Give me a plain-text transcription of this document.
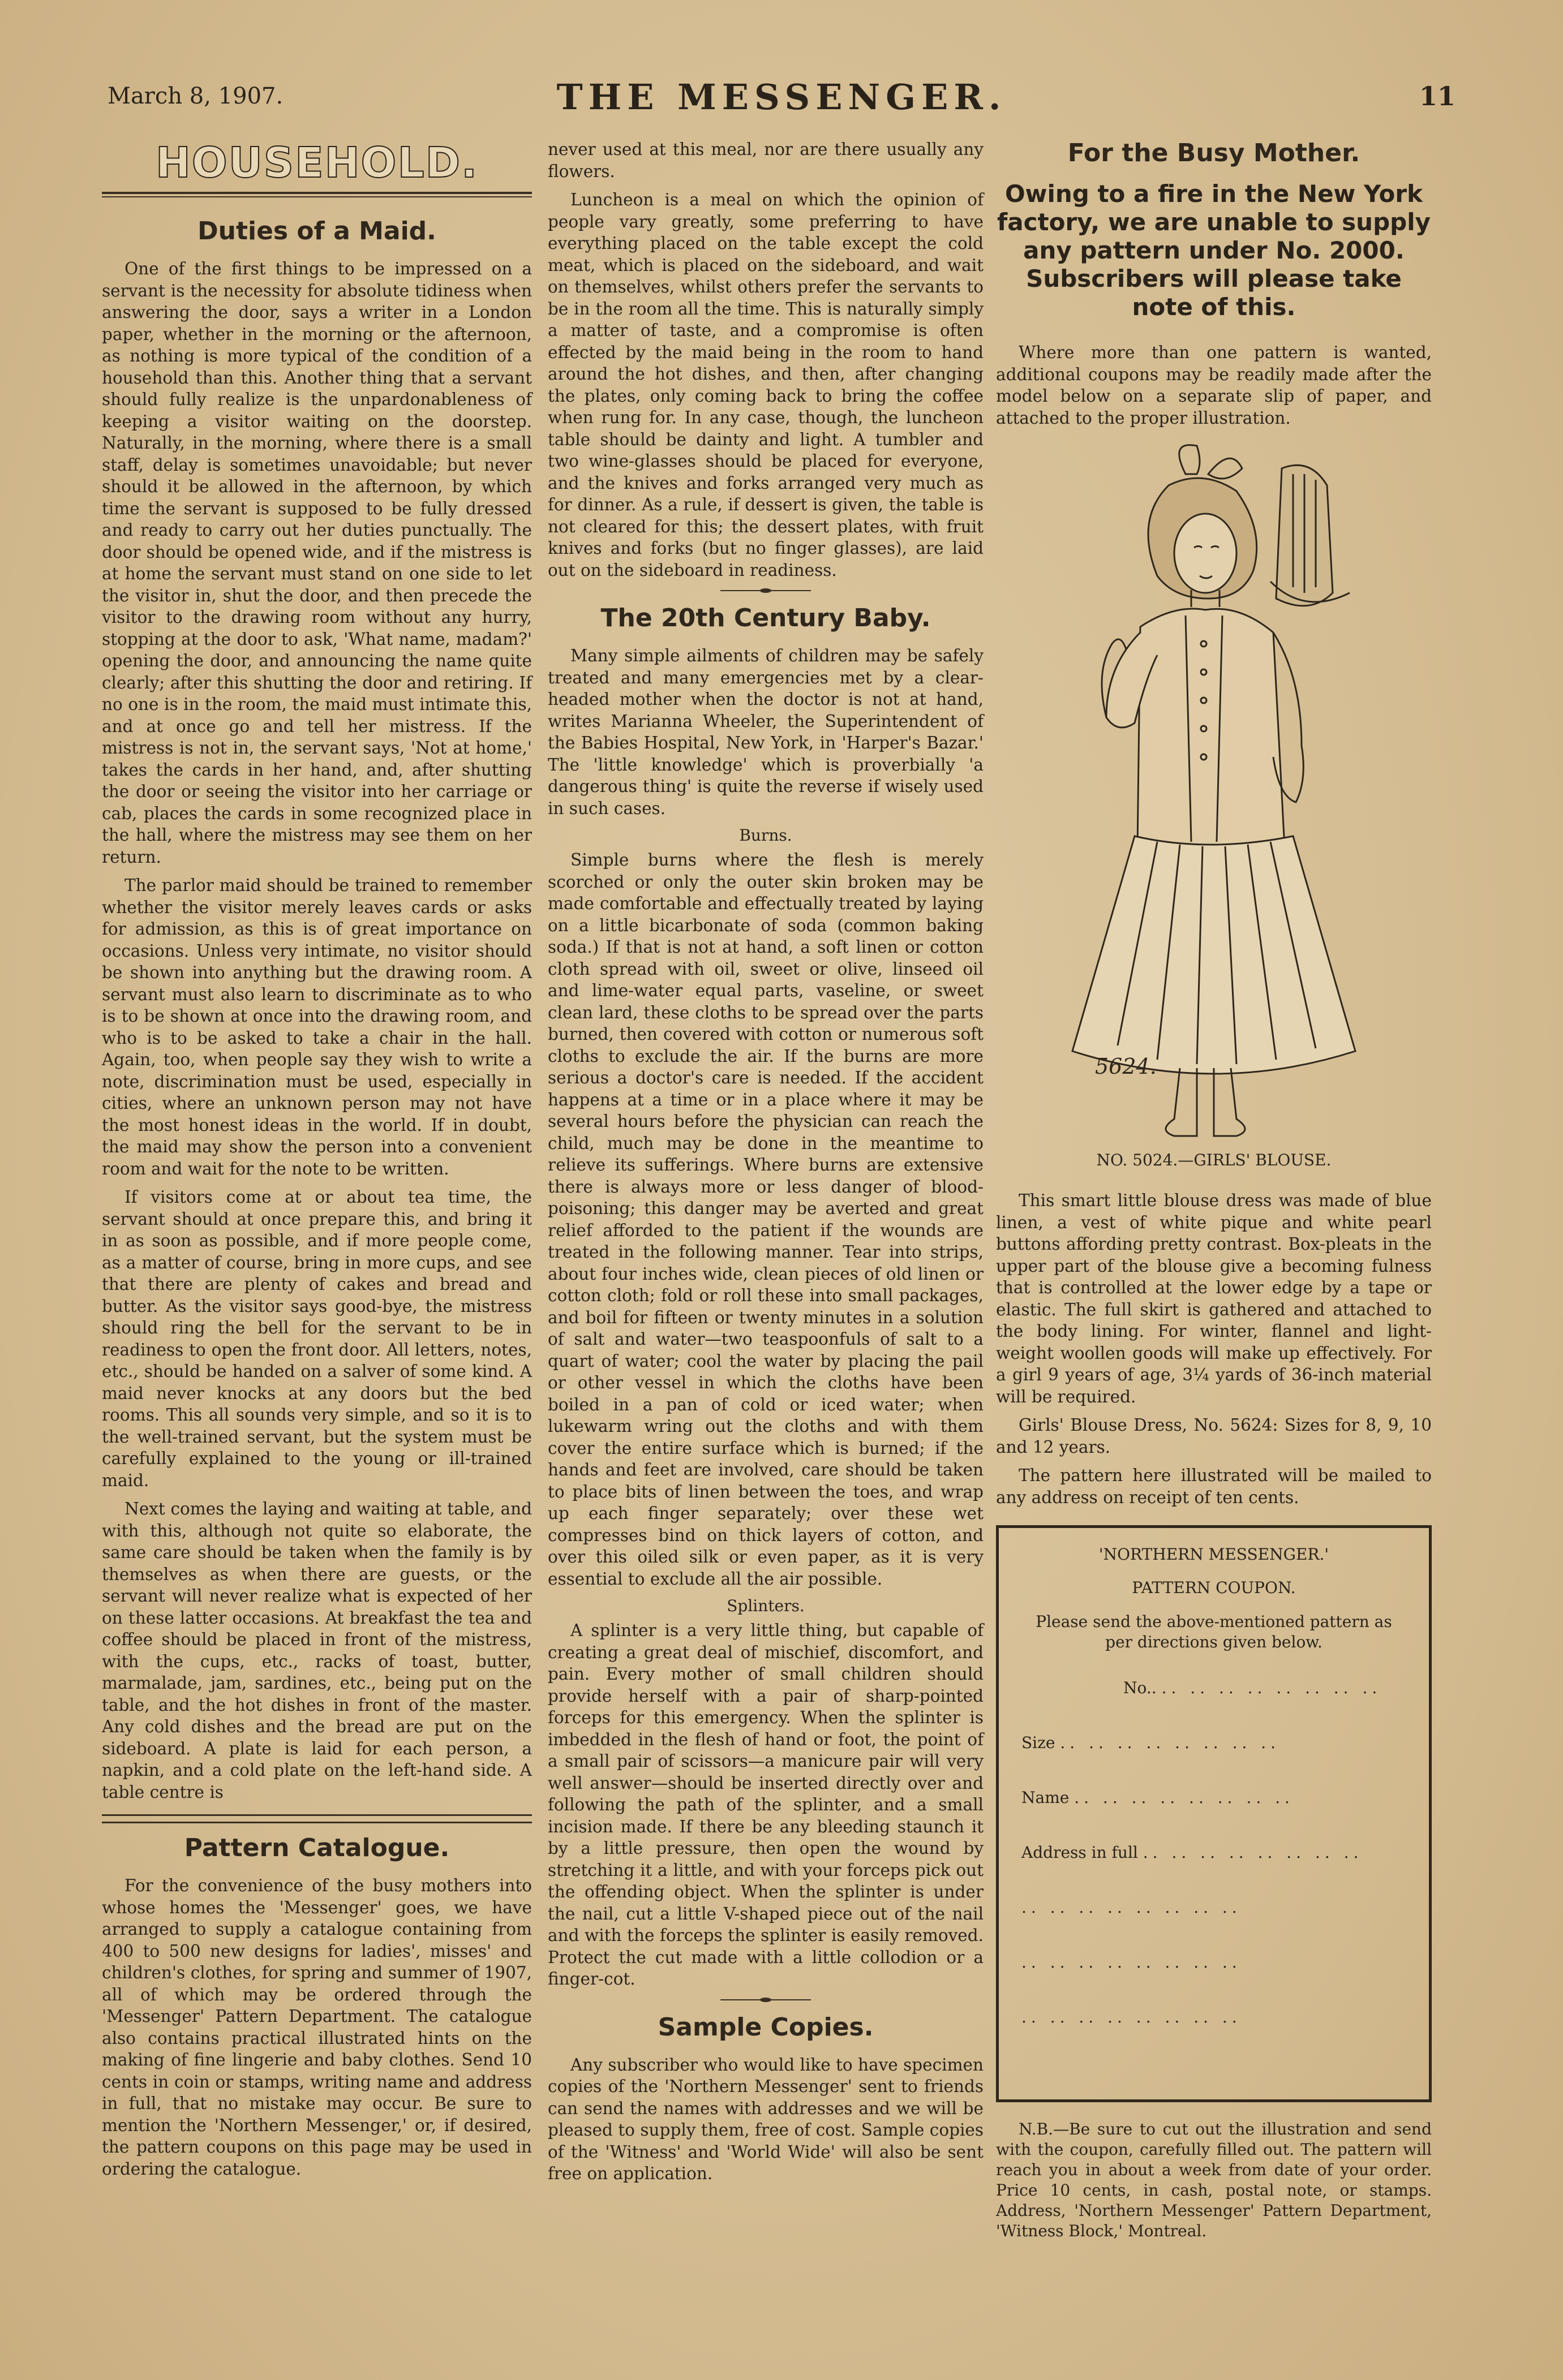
March 8, 1907.	THE MESSENGER.	11
HOUSEHOLD.
Duties of a Maid.

One of the first things to be impressed on a servant is the necessity for absolute tidiness when answering the door, says a writer in a London paper, whether in the morning or the afternoon, as nothing is more typical of the condition of a household than this. Another thing that a servant should fully realize is the unpardonableness of keeping a visitor waiting on the doorstep. Naturally, in the morning, where there is a small staff, delay is sometimes unavoidable; but never should it be allowed in the afternoon, by which time the servant is supposed to be fully dressed and ready to carry out her duties punctually. The door should be opened wide, and if the mistress is at home the servant must stand on one side to let the visitor in, shut the door, and then precede the visitor to the drawing room without any hurry, stopping at the door to ask, 'What name, madam?' opening the door, and announcing the name quite clearly; after this shutting the door and retiring. If no one is in the room, the maid must intimate this, and at once go and tell her mistress. If the mistress is not in, the servant says, 'Not at home,' takes the cards in her hand, and, after shutting the door or seeing the visitor into her carriage or cab, places the cards in some recognized place in the hall, where the mistress may see them on her return.

The parlor maid should be trained to remember whether the visitor merely leaves cards or asks for admission, as this is of great importance on occasions. Unless very intimate, no visitor should be shown into anything but the drawing room. A servant must also learn to discriminate as to who is to be shown at once into the drawing room, and who is to be asked to take a chair in the hall. Again, too, when people say they wish to write a note, discrimination must be used, especially in cities, where an unknown person may not have the most honest ideas in the world. If in doubt, the maid may show the person into a convenient room and wait for the note to be written.

If visitors come at or about tea time, the servant should at once prepare this, and bring it in as soon as possible, and if more people come, as a matter of course, bring in more cups, and see that there are plenty of cakes and bread and butter. As the visitor says good-bye, the mistress should ring the bell for the servant to be in readiness to open the front door. All letters, notes, etc., should be handed on a salver of some kind. A maid never knocks at any doors but the bed rooms. This all sounds very simple, and so it is to the well-trained servant, but the system must be carefully explained to the young or ill-trained maid.

Next comes the laying and waiting at table, and with this, although not quite so elaborate, the same care should be taken when the family is by themselves as when there are guests, or the servant will never realize what is expected of her on these latter occasions. At breakfast the tea and coffee should be placed in front of the mistress, with the cups, etc., racks of toast, butter, marmalade, jam, sardines, etc., being put on the table, and the hot dishes in front of the master. Any cold dishes and the bread are put on the sideboard. A plate is laid for each person, a napkin, and a cold plate on the left-hand side. A table centre is

Pattern Catalogue.

For the convenience of the busy mothers into whose homes the 'Messenger' goes, we have arranged to supply a catalogue containing from 400 to 500 new designs for ladies', misses' and children's clothes, for spring and summer of 1907, all of which may be ordered through the 'Messenger' Pattern Department. The catalogue also contains practical illustrated hints on the making of fine lingerie and baby clothes. Send 10 cents in coin or stamps, writing name and address in full, that no mistake may occur. Be sure to mention the 'Northern Messenger,' or, if desired, the pattern coupons on this page may be used in ordering the catalogue.

never used at this meal, nor are there usually any flowers.

Luncheon is a meal on which the opinion of people vary greatly, some preferring to have everything placed on the table except the cold meat, which is placed on the sideboard, and wait on themselves, whilst others prefer the servants to be in the room all the time. This is naturally simply a matter of taste, and a compromise is often effected by the maid being in the room to hand around the hot dishes, and then, after changing the plates, only coming back to bring the coffee when rung for. In any case, though, the luncheon table should be dainty and light. A tumbler and two wine-glasses should be placed for everyone, and the knives and forks arranged very much as for dinner. As a rule, if dessert is given, the table is not cleared for this; the dessert plates, with fruit knives and forks (but no finger glasses), are laid out on the sideboard in readiness.

The 20th Century Baby.

Many simple ailments of children may be safely treated and many emergencies met by a clear-headed mother when the doctor is not at hand, writes Marianna Wheeler, the Superintendent of the Babies Hospital, New York, in 'Harper's Bazar.' The 'little knowledge' which is proverbially 'a dangerous thing' is quite the reverse if wisely used in such cases.

Burns.

Simple burns where the flesh is merely scorched or only the outer skin broken may be made comfortable and effectually treated by laying on a little bicarbonate of soda (common baking soda.) If that is not at hand, a soft linen or cotton cloth spread with oil, sweet or olive, linseed oil and lime-water equal parts, vaseline, or sweet clean lard, these cloths to be spread over the parts burned, then covered with cotton or numerous soft cloths to exclude the air. If the burns are more serious a doctor's care is needed. If the accident happens at a time or in a place where it may be several hours before the physician can reach the child, much may be done in the meantime to relieve its sufferings. Where burns are extensive there is always more or less danger of blood-poisoning; this danger may be averted and great relief afforded to the patient if the wounds are treated in the following manner. Tear into strips, about four inches wide, clean pieces of old linen or cotton cloth; fold or roll these into small packages, and boil for fifteen or twenty minutes in a solution of salt and water—two teaspoonfuls of salt to a quart of water; cool the water by placing the pail or other vessel in which the cloths have been boiled in a pan of cold or iced water; when lukewarm wring out the cloths and with them cover the entire surface which is burned; if the hands and feet are involved, care should be taken to place bits of linen between the toes, and wrap up each finger separately; over these wet compresses bind on thick layers of cotton, and over this oiled silk or even paper, as it is very essential to exclude all the air possible.

Splinters.

A splinter is a very little thing, but capable of creating a great deal of mischief, discomfort, and pain. Every mother of small children should provide herself with a pair of sharp-pointed forceps for this emergency. When the splinter is imbedded in the flesh of hand or foot, the point of a small pair of scissors—a manicure pair will very well answer—should be inserted directly over and following the path of the splinter, and a small incision made. If there be any bleeding staunch it by a little pressure, then open the wound by stretching it a little, and with your forceps pick out the offending object. When the splinter is under the nail, cut a little V-shaped piece out of the nail and with the forceps the splinter is easily removed. Protect the cut made with a little collodion or a finger-cot.

Sample Copies.

Any subscriber who would like to have specimen copies of the 'Northern Messenger' sent to friends can send the names with addresses and we will be pleased to supply them, free of cost. Sample copies of the 'Witness' and 'World Wide' will also be sent free on application.

For the Busy Mother.
Owing to a fire in the New York factory, we are unable to supply any pattern under No. 2000. Subscribers will please take note of this.

Where more than one pattern is wanted, additional coupons may be readily made after the model below on a separate slip of paper, and attached to the proper illustration.

5624.
NO. 5024.—GIRLS' BLOUSE.

This smart little blouse dress was made of blue linen, a vest of white pique and white pearl buttons affording pretty contrast. Box-pleats in the upper part of the blouse give a becoming fulness that is controlled at the lower edge by a tape or elastic. The full skirt is gathered and attached to the body lining. For winter, flannel and light-weight woollen goods will make up effectively. For a girl 9 years of age, 3¼ yards of 36-inch material will be required.

Girls' Blouse Dress, No. 5624: Sizes for 8, 9, 10 and 12 years.

The pattern here illustrated will be mailed to any address on receipt of ten cents.

'NORTHERN MESSENGER.'
PATTERN COUPON.
Please send the above-mentioned pattern as per directions given below.
No.. .. .. .. .. .. .. .. ..
Size .. .. .. .. .. .. .. ..
Name .. .. .. .. .. .. .. ..
Address in full .. .. .. .. .. .. .. ..
.. .. .. .. .. .. .. ..
.. .. .. .. .. .. .. ..
.. .. .. .. .. .. .. ..
N.B.—Be sure to cut out the illustration and send with the coupon, carefully filled out. The pattern will reach you in about a week from date of your order. Price 10 cents, in cash, postal note, or stamps. Address, 'Northern Messenger' Pattern Department, 'Witness Block,' Montreal.
